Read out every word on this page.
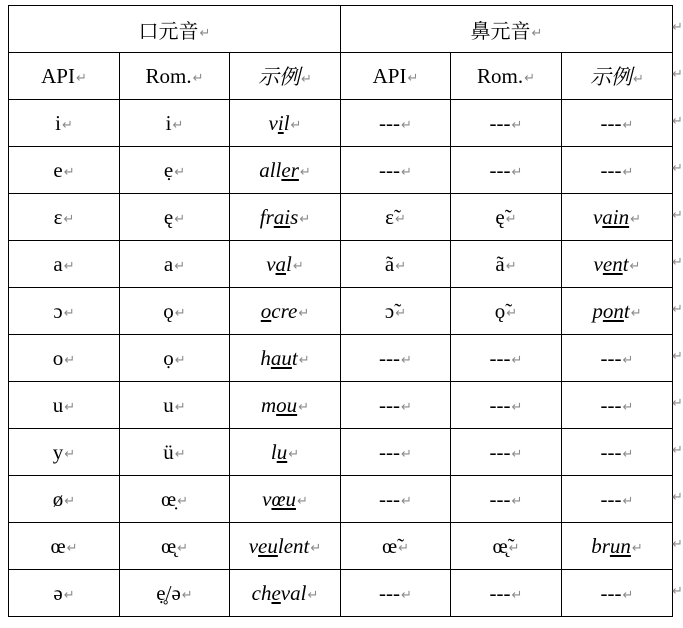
口元音↵			鼻元音↵		
API↵	Rom.↵	示例↵	API↵	Rom.↵	示例↵
i↵	i↵	vil↵	---↵	---↵	---↵
e↵	ẹ↵	aller↵	---↵	---↵	---↵
ɛ↵	ę↵	frais↵	ɛ̃↵	ę̃↵	vain↵
a↵	a↵	val↵	ã↵	ã↵	vent↵
ɔ↵	ǫ↵	ocre↵	ɔ̃↵	ǫ̃↵	pont↵
o↵	ọ↵	haut↵	---↵	---↵	---↵
u↵	u↵	mou↵	---↵	---↵	---↵
y↵	ü↵	lu↵	---↵	---↵	---↵
ø↵	œ̣↵	vœu↵	---↵	---↵	---↵
œ↵	œ̨↵	veulent↵	œ̃↵	œ̨̃↵	brun↵
ə↵	ẹ̥/ə↵	cheval↵	---↵	---↵	---↵
↵
↵
↵
↵
↵
↵
↵
↵
↵
↵
↵
↵
↵
